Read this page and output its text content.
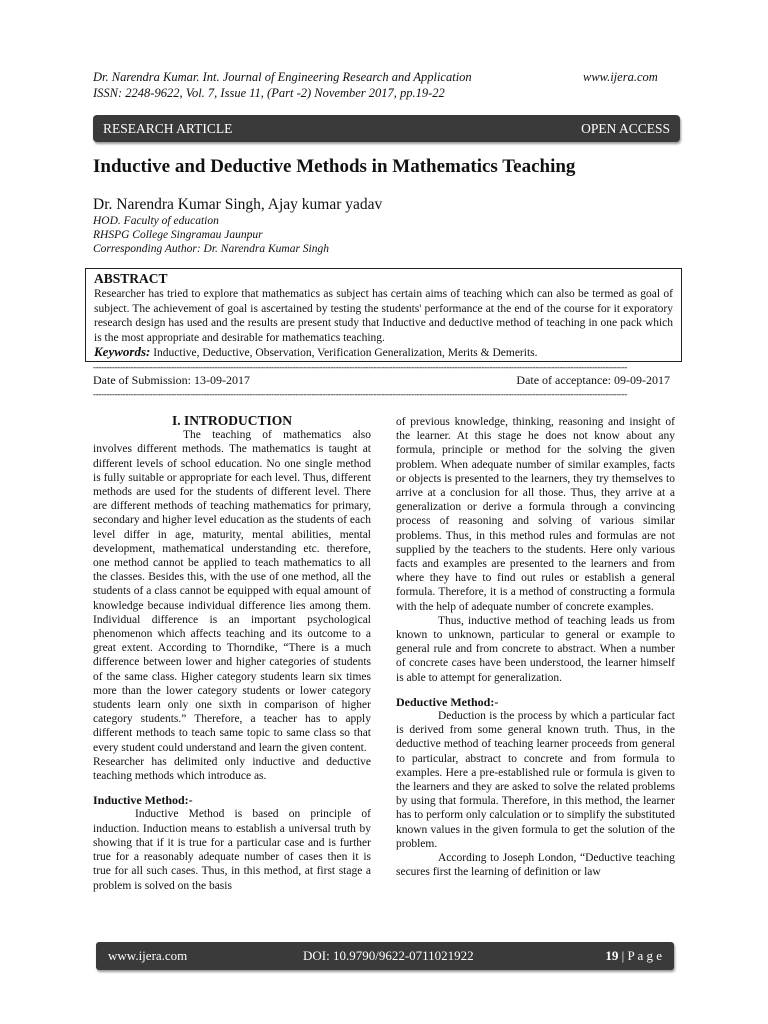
Dr. Narendra Kumar. Int. Journal of Engineering Research and Application	www.ijera.com
ISSN: 2248-9622, Vol. 7, Issue 11, (Part -2) November 2017, pp.19-22
RESEARCH ARTICLE	OPEN ACCESS
Inductive and Deductive Methods in Mathematics Teaching
Dr. Narendra Kumar Singh, Ajay kumar yadav
HOD. Faculty of education
RHSPG College Singramau Jaunpur
Corresponding Author: Dr. Narendra Kumar Singh
ABSTRACT

Researcher has tried to explore that mathematics as subject has certain aims of teaching which can also be termed as goal of subject. The achievement of goal is ascertained by testing the students' performance at the end of the course for it exporatory research design has used and the results are present study that Inductive and deductive method of teaching in one pack which is the most appropriate and desirable for mathematics teaching.

Keywords: Inductive, Deductive, Observation, Verification Generalization, Merits & Demerits.

------------------------------------------------------------------------------------------------------------------------------------------------------------------------------------------------------
Date of Submission: 13-09-2017	Date of acceptance: 09-09-2017
------------------------------------------------------------------------------------------------------------------------------------------------------------------------------------------------------

I. INTRODUCTION

The teaching of mathematics also involves different methods. The mathematics is taught at different levels of school education. No one single method is fully suitable or appropriate for each level. Thus, different methods are used for the students of different level. There are different methods of teaching mathematics for primary, secondary and higher level education as the students of each level differ in age, maturity, mental abilities, mental development, mathematical understanding etc. therefore, one method cannot be applied to teach mathematics to all the classes. Besides this, with the use of one method, all the students of a class cannot be equipped with equal amount of knowledge because individual difference lies among them. Individual difference is an important psychological phenomenon which affects teaching and its outcome to a great extent. According to Thorndike, “There is a much difference between lower and higher categories of students of the same class. Higher category students learn six times more than the lower category students or lower category students learn only one sixth in comparison of higher category students.” Therefore, a teacher has to apply different methods to teach same topic to same class so that every student could understand and learn the given content.

Researcher has delimited only inductive and deductive teaching methods which introduce as.

Inductive Method:-

Inductive Method is based on principle of induction. Induction means to establish a universal truth by showing that if it is true for a particular case and is further true for a reasonably adequate number of cases then it is true for all such cases. Thus, in this method, at first stage a problem is solved on the basis

of previous knowledge, thinking, reasoning and insight of the learner. At this stage he does not know about any formula, principle or method for the solving the given problem. When adequate number of similar examples, facts or objects is presented to the learners, they try themselves to arrive at a conclusion for all those. Thus, they arrive at a generalization or derive a formula through a convincing process of reasoning and solving of various similar problems. Thus, in this method rules and formulas are not supplied by the teachers to the students. Here only various facts and examples are presented to the learners and from where they have to find out rules or establish a general formula. Therefore, it is a method of constructing a formula with the help of adequate number of concrete examples.

Thus, inductive method of teaching leads us from known to unknown, particular to general or example to general rule and from concrete to abstract. When a number of concrete cases have been understood, the learner himself is able to attempt for generalization.

Deductive Method:-

Deduction is the process by which a particular fact is derived from some general known truth. Thus, in the deductive method of teaching learner proceeds from general to particular, abstract to concrete and from formula to examples. Here a pre-established rule or formula is given to the learners and they are asked to solve the related problems by using that formula. Therefore, in this method, the learner has to perform only calculation or to simplify the substituted known values in the given formula to get the solution of the problem.

According to Joseph London, “Deductive teaching secures first the learning of definition or law

www.ijera.com	DOI: 10.9790/9622-0711021922	19 | P a g e
